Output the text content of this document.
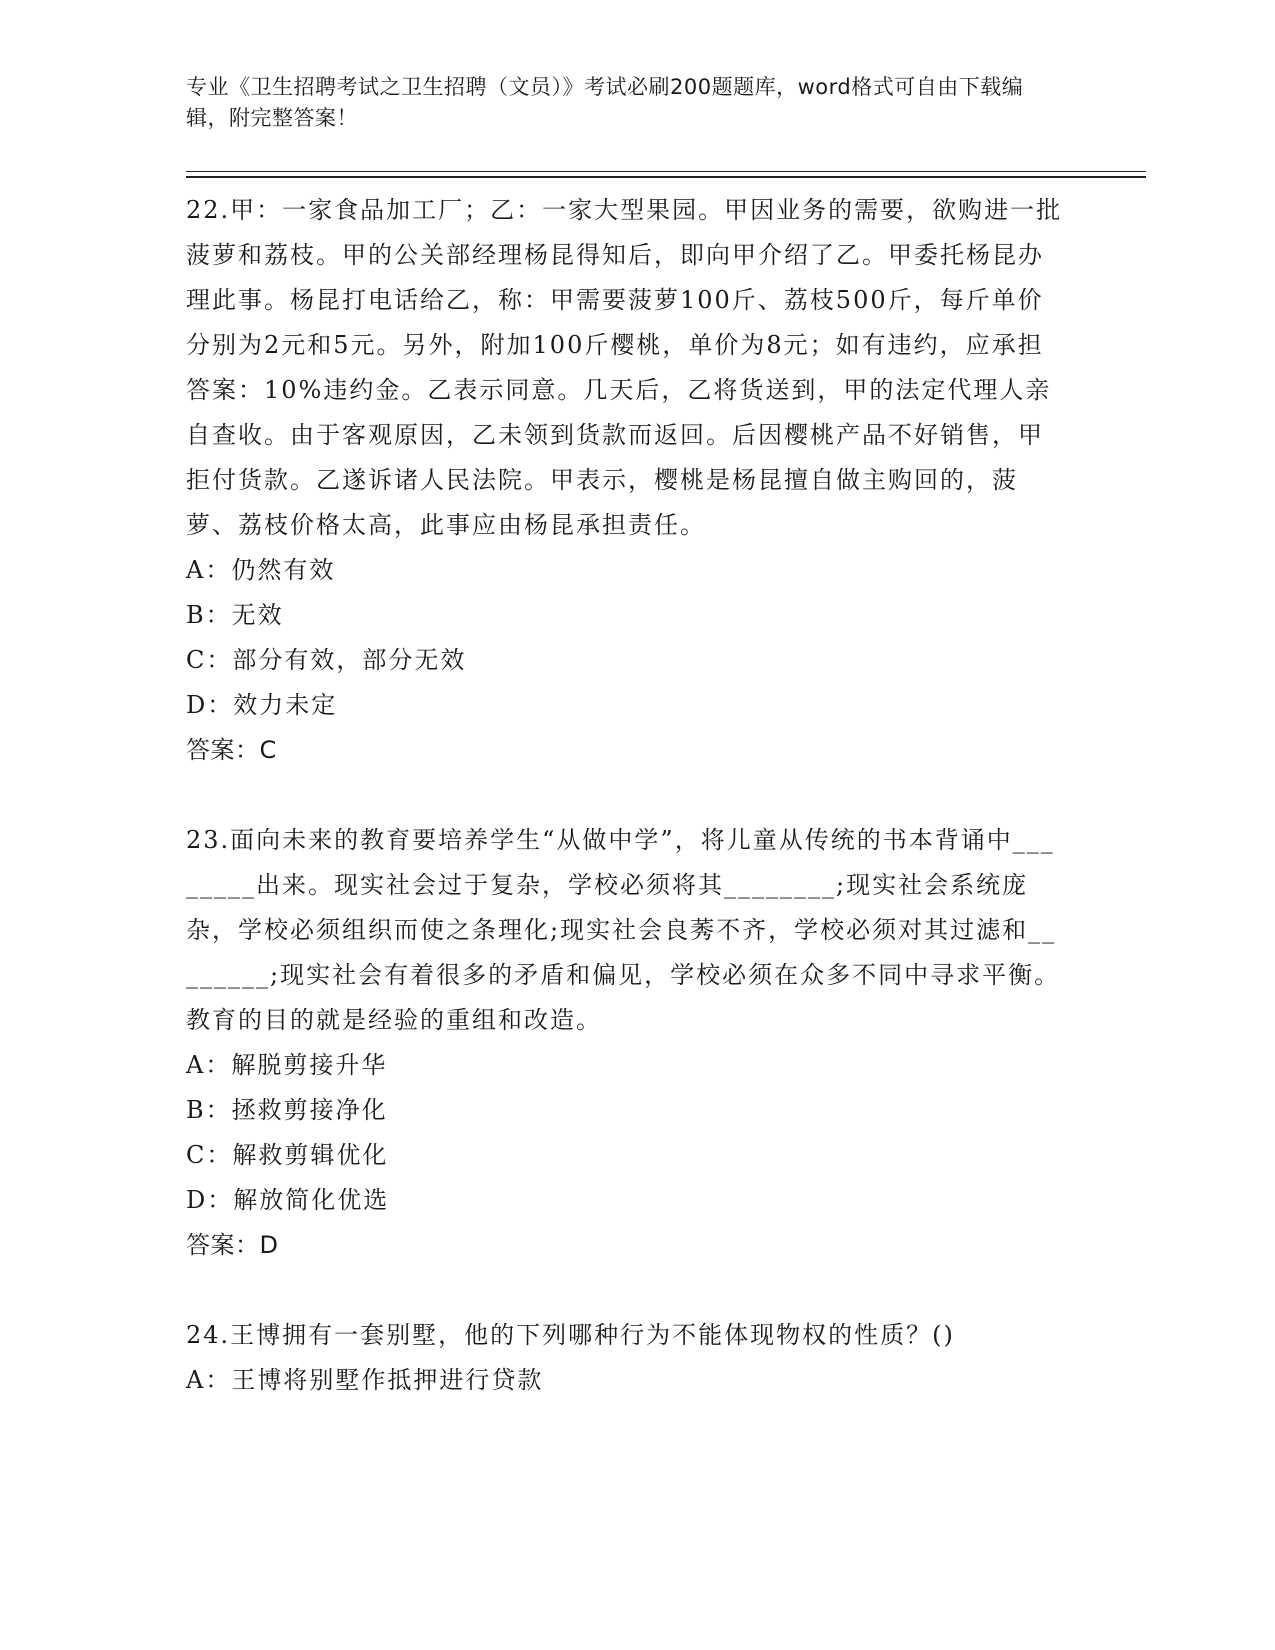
专业《卫生招聘考试之卫生招聘（文员）》考试必刷200题题库，word格式可自由下载编辑，附完整答案！
22.甲：一家食品加工厂；乙：一家大型果园。甲因业务的需要，欲购进一批菠萝和荔枝。甲的公关部经理杨昆得知后，即向甲介绍了乙。甲委托杨昆办理此事。杨昆打电话给乙，称：甲需要菠萝100斤、荔枝500斤，每斤单价分别为2元和5元。另外，附加100斤樱桃，单价为8元；如有违约，应承担答案：10%违约金。乙表示同意。几天后，乙将货送到，甲的法定代理人亲自查收。由于客观原因，乙未领到货款而返回。后因樱桃产品不好销售，甲拒付货款。乙遂诉诸人民法院。甲表示，樱桃是杨昆擅自做主购回的，菠萝、荔枝价格太高，此事应由杨昆承担责任。
A：仍然有效
B：无效
C：部分有效，部分无效
D：效力未定
答案：C
23.面向未来的教育要培养学生“从做中学”，将儿童从传统的书本背诵中________出来。现实社会过于复杂，学校必须将其________;现实社会系统庞杂，学校必须组织而使之条理化;现实社会良莠不齐，学校必须对其过滤和________;现实社会有着很多的矛盾和偏见，学校必须在众多不同中寻求平衡。教育的目的就是经验的重组和改造。
A：解脱剪接升华
B：拯救剪接净化
C：解救剪辑优化
D：解放简化优选
答案：D
24.王博拥有一套别墅，他的下列哪种行为不能体现物权的性质？()
A：王博将别墅作抵押进行贷款
